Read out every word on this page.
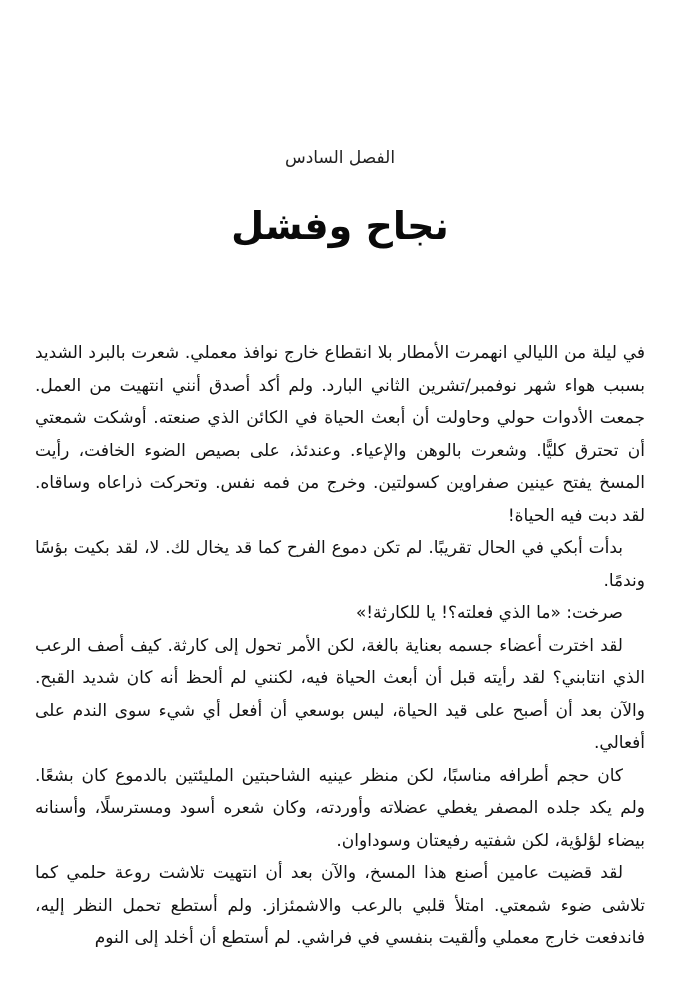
الفصل السادس
نجاح وفشل

في ليلة من الليالي انهمرت الأمطار بلا انقطاع خارج نوافذ معملي. شعرت بالبرد الشديد بسبب هواء شهر نوفمبر/تشرين الثاني البارد. ولم أكد أصدق أنني انتهيت من العمل. جمعت الأدوات حولي وحاولت أن أبعث الحياة في الكائن الذي صنعته. أوشكت شمعتي أن تحترق كليًّا. وشعرت بالوهن والإعياء. وعندئذ، على بصيص الضوء الخافت، رأيت المسخ يفتح عينين صفراوين كسولتين. وخرج من فمه نفس. وتحركت ذراعاه وساقاه. لقد دبت فيه الحياة!

بدأت أبكي في الحال تقريبًا. لم تكن دموع الفرح كما قد يخال لك. لا، لقد بكيت بؤسًا وندمًا.

صرخت: «ما الذي فعلته؟! يا للكارثة!»

لقد اخترت أعضاء جسمه بعناية بالغة، لكن الأمر تحول إلى كارثة. كيف أصف الرعب الذي انتابني؟ لقد رأيته قبل أن أبعث الحياة فيه، لكنني لم ألحظ أنه كان شديد القبح. والآن بعد أن أصبح على قيد الحياة، ليس بوسعي أن أفعل أي شيء سوى الندم على أفعالي.

كان حجم أطرافه مناسبًا، لكن منظر عينيه الشاحبتين المليئتين بالدموع كان بشعًا. ولم يكد جلده المصفر يغطي عضلاته وأوردته، وكان شعره أسود ومسترسلًا، وأسنانه بيضاء لؤلؤية، لكن شفتيه رفيعتان وسوداوان.

لقد قضيت عامين أصنع هذا المسخ، والآن بعد أن انتهيت تلاشت روعة حلمي كما تلاشى ضوء شمعتي. امتلأ قلبي بالرعب والاشمئزاز. ولم أستطع تحمل النظر إليه، فاندفعت خارج معملي وألقيت بنفسي في فراشي. لم أستطع أن أخلد إلى النوم
